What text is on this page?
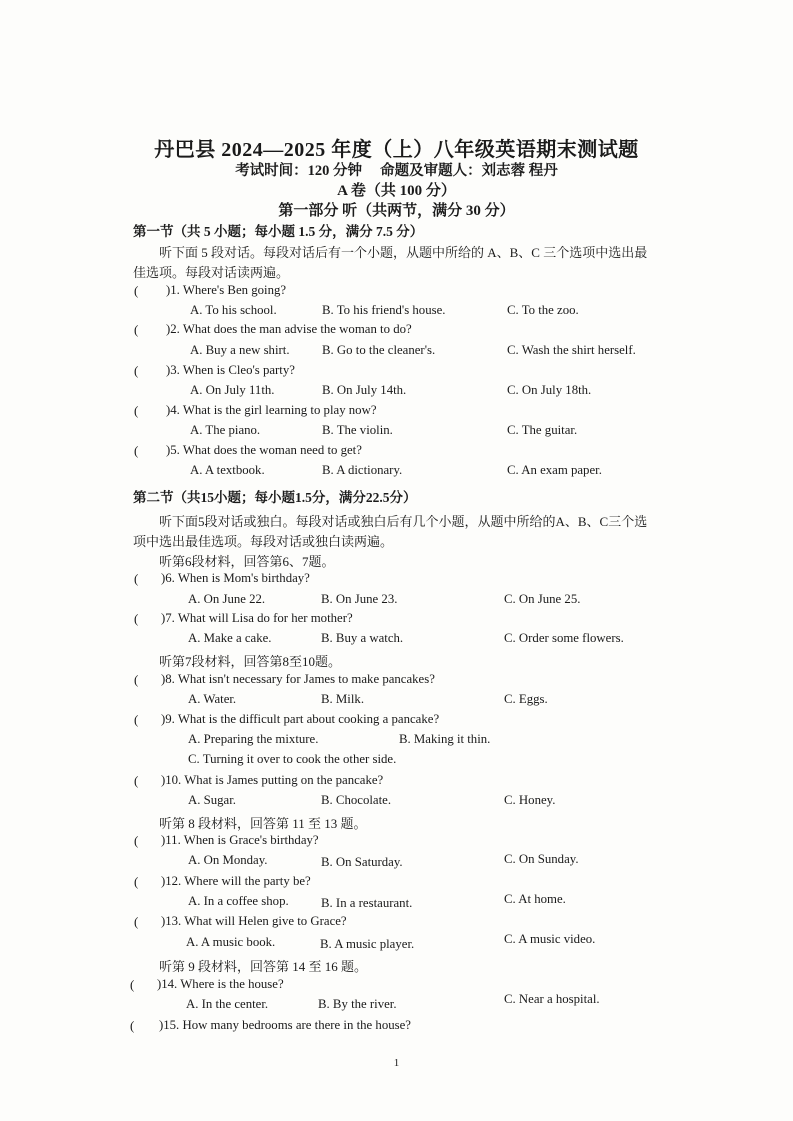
丹巴县 2024—2025 年度（上）八年级英语期末测试题
考试时间：120 分钟　 命题及审题人：刘志蓉 程丹
A 卷（共 100 分）
第一部分 听（共两节，满分 30 分）
第一节（共 5 小题；每小题 1.5 分，满分 7.5 分）
听下面 5 段对话。每段对话后有一个小题，从题中所给的 A、B、C 三个选项中选出最
佳选项。每段对话读两遍。
( )1. Where's Ben going?
A. To his school.	B. To his friend's house.	C. To the zoo.
( )2. What does the man advise the woman to do?
A. Buy a new shirt.	B. Go to the cleaner's.	C. Wash the shirt herself.
( )3. When is Cleo's party?
A. On July 11th.	B. On July 14th.	C. On July 18th.
( )4. What is the girl learning to play now?
A. The piano.	B. The violin.	C. The guitar.
( )5. What does the woman need to get?
A. A textbook.	B. A dictionary.	C. An exam paper.
第二节（共15小题；每小题1.5分，满分22.5分）
听下面5段对话或独白。每段对话或独白后有几个小题，从题中所给的A、B、C三个选
项中选出最佳选项。每段对话或独白读两遍。
听第6段材料，回答第6、7题。
( )6. When is Mom's birthday?
A. On June 22.	B. On June 23.	C. On June 25.
( )7. What will Lisa do for her mother?
A. Make a cake.	B. Buy a watch.	C. Order some flowers.
听第7段材料，回答第8至10题。
( )8. What isn't necessary for James to make pancakes?
A. Water.	B. Milk.	C. Eggs.
( )9. What is the difficult part about cooking a pancake?
A. Preparing the mixture.	B. Making it thin.
C. Turning it over to cook the other side.
( )10. What is James putting on the pancake?
A. Sugar.	B. Chocolate.	C. Honey.
听第 8 段材料，回答第 11 至 13 题。
( )11. When is Grace's birthday?
A. On Monday.	B. On Saturday.	C. On Sunday.
( )12. Where will the party be?
A. In a coffee shop.	B. In a restaurant.	C. At home.
( )13. What will Helen give to Grace?
A. A music book.	B. A music player.	C. A music video.
听第 9 段材料，回答第 14 至 16 题。
( )14. Where is the house?
A. In the center.	B. By the river.	C. Near a hospital.
( )15. How many bedrooms are there in the house?
1
